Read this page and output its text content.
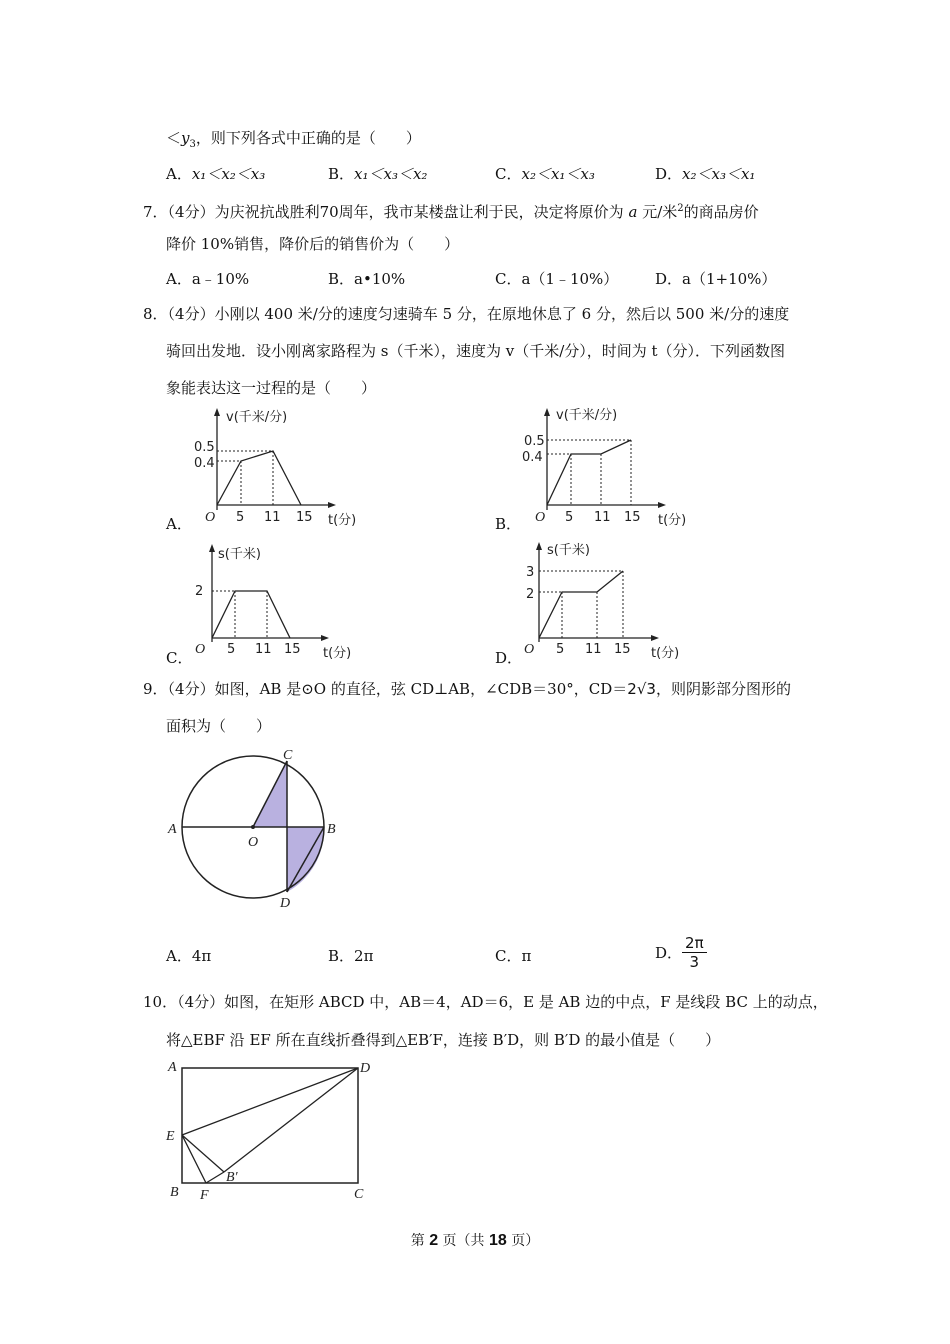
$<y_3$，则下列各式中正确的是（　　）
A．x₁＜x₂＜x₃	B．x₁＜x₃＜x₂	C．x₂＜x₁＜x₃	D．x₂＜x₃＜x₁
7．（4分）为庆祝抗战胜利70周年，我市某楼盘让利于民，决定将原价为 a 元/米$^2$的商品房价
降价 10%销售，降价后的销售价为（　　）
A．a﹣10%	B．a•10%	C．a（1﹣10%） D．a（1+10%）
8．（4分）小刚以 400 米/分的速度匀速骑车 5 分，在原地休息了 6 分，然后以 500 米/分的速度
骑回出发地．设小刚离家路程为 s（千米），速度为 v（千米/分），时间为 t（分）．下列函数图
象能表达这一过程的是（　　）
A．	B．
C．	D．
v(千米/分)
t(分)
O
0.5
0.4
5 11 15
v(千米/分)
t(分)
O
0.5
0.4
5 11 15
s(千米)
t(分)
O
2
5 11 15
s(千米)
t(分)
O
3
2
5 11 15
9．（4分）如图，AB 是⊙O 的直径，弦 CD⊥AB，∠CDB＝30°，CD＝2√3，则阴影部分图形的
面积为（　　）
A	B
C
D
O
A．4π	B．2π	C．π	D． $\frac{2\pi}{3}$
10．（4分）如图，在矩形 ABCD 中，AB＝4，AD＝6，E 是 AB 边的中点，F 是线段 BC 上的动点，
将△EBF 沿 EF 所在直线折叠得到△EB′F，连接 B′D，则 B′D 的最小值是（　　）
A	D
E
B′
B F	C
第 2 页（共 18 页）
